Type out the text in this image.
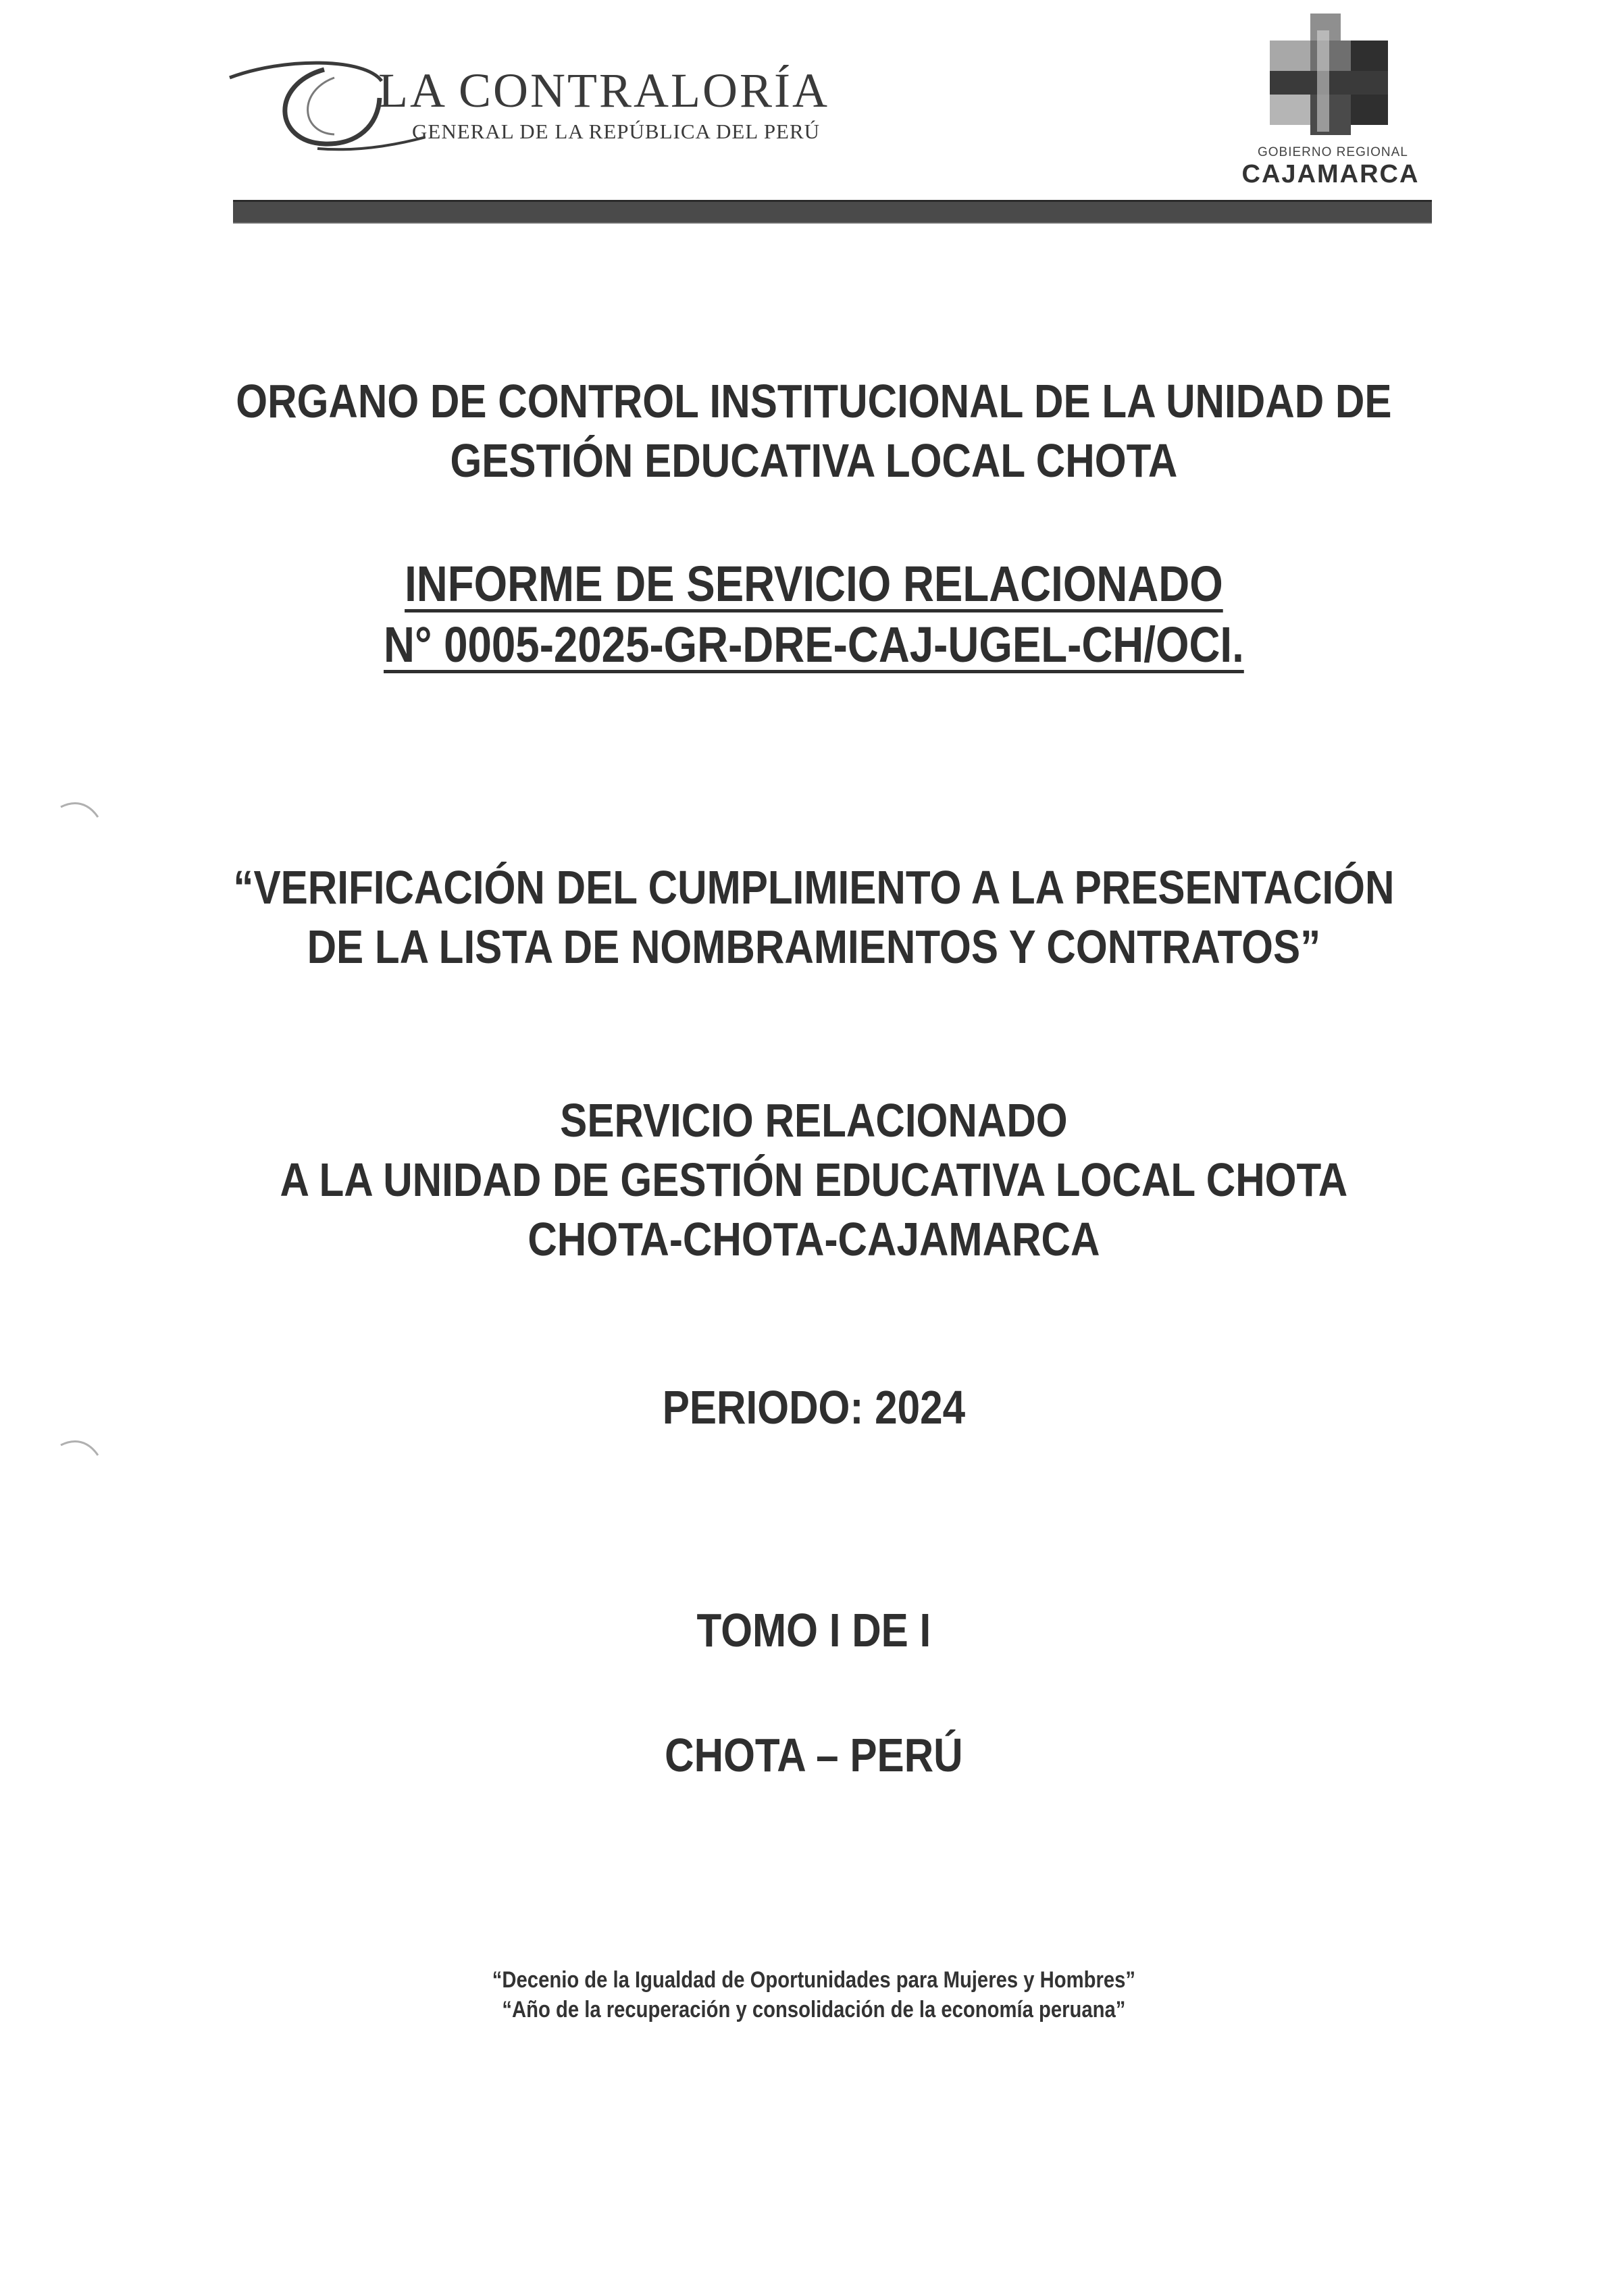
LA CONTRALORÍA
GENERAL DE LA REPÚBLICA DEL PERÚ
GOBIERNO REGIONAL
CAJAMARCA
ORGANO DE CONTROL INSTITUCIONAL DE LA UNIDAD DE
GESTIÓN EDUCATIVA LOCAL CHOTA
INFORME DE SERVICIO RELACIONADO
N° 0005-2025-GR-DRE-CAJ-UGEL-CH/OCI.
“VERIFICACIÓN DEL CUMPLIMIENTO A LA PRESENTACIÓN
DE LA LISTA DE NOMBRAMIENTOS Y CONTRATOS”
SERVICIO RELACIONADO
A LA UNIDAD DE GESTIÓN EDUCATIVA LOCAL CHOTA
CHOTA-CHOTA-CAJAMARCA
PERIODO: 2024
TOMO I DE I
CHOTA – PERÚ
“Decenio de la Igualdad de Oportunidades para Mujeres y Hombres”
“Año de la recuperación y consolidación de la economía peruana”
